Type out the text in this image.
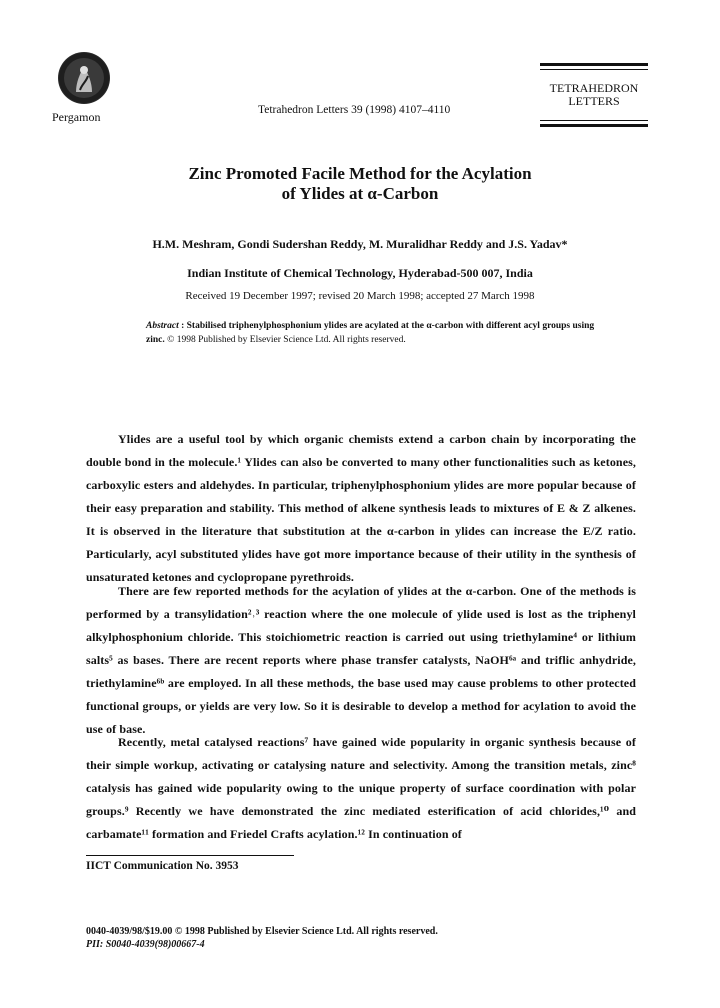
Pergamon	Tetrahedron Letters 39 (1998) 4107–4110
TETRAHEDRON
LETTERS
Zinc Promoted Facile Method for the Acylation
of Ylides at α-Carbon
H.M. Meshram, Gondi Sudershan Reddy, M. Muralidhar Reddy and J.S. Yadav*
Indian Institute of Chemical Technology, Hyderabad-500 007, India
Received 19 December 1997; revised 20 March 1998; accepted 27 March 1998
Abstract : Stabilised triphenylphosphonium ylides are acylated at the α-carbon with different acyl groups using zinc. © 1998 Published by Elsevier Science Ltd. All rights reserved.
Ylides are a useful tool by which organic chemists extend a carbon chain by incorporating the double bond in the molecule.¹ Ylides can also be converted to many other functionalities such as ketones, carboxylic esters and aldehydes. In particular, triphenylphosphonium ylides are more popular because of their easy preparation and stability. This method of alkene synthesis leads to mixtures of E & Z alkenes. It is observed in the literature that substitution at the α-carbon in ylides can increase the E/Z ratio. Particularly, acyl substituted ylides have got more importance because of their utility in the synthesis of unsaturated ketones and cyclopropane pyrethroids.
There are few reported methods for the acylation of ylides at the α-carbon. One of the methods is performed by a transylidation²˒³ reaction where the one molecule of ylide used is lost as the triphenyl alkylphosphonium chloride. This stoichiometric reaction is carried out using triethylamine⁴ or lithium salts⁵ as bases. There are recent reports where phase transfer catalysts, NaOH⁶ᵃ and triflic anhydride, triethylamine⁶ᵇ are employed. In all these methods, the base used may cause problems to other protected functional groups, or yields are very low. So it is desirable to develop a method for acylation to avoid the use of base.
Recently, metal catalysed reactions⁷ have gained wide popularity in organic synthesis because of their simple workup, activating or catalysing nature and selectivity. Among the transition metals, zinc⁸ catalysis has gained wide popularity owing to the unique property of surface coordination with polar groups.⁹ Recently we have demonstrated the zinc mediated esterification of acid chlorides,¹⁰ and carbamate¹¹ formation and Friedel Crafts acylation.¹² In continuation of
IICT Communication No. 3953
0040-4039/98/$19.00 © 1998 Published by Elsevier Science Ltd. All rights reserved.
PII: S0040-4039(98)00667-4
